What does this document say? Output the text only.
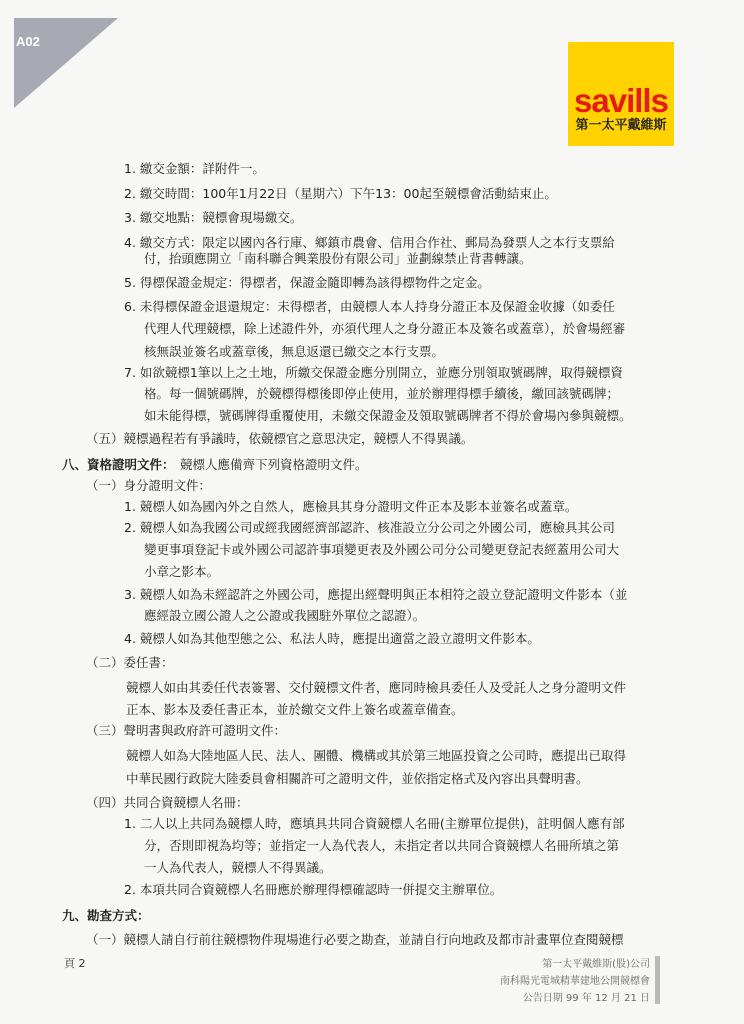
A02
savills
第一太平戴維斯
1. 繳交金額：詳附件一。
2. 繳交時間：100年1月22日（星期六）下午13：00起至競標會活動結束止。
3. 繳交地點：競標會現場繳交。
4. 繳交方式：限定以國內各行庫、鄉鎮市農會、信用合作社、郵局為發票人之本行支票給
付，抬頭應開立「南科聯合興業股份有限公司」並劃線禁止背書轉讓。
5. 得標保證金規定：得標者，保證金隨即轉為該得標物件之定金。
6. 未得標保證金退還規定：未得標者，由競標人本人持身分證正本及保證金收據（如委任
代理人代理競標，除上述證件外，亦須代理人之身分證正本及簽名或蓋章），於會場經審
核無誤並簽名或蓋章後，無息返還已繳交之本行支票。
7. 如欲競標1筆以上之土地，所繳交保證金應分別開立，並應分別領取號碼牌，取得競標資
格。每一個號碼牌，於競標得標後即停止使用，並於辦理得標手續後，繳回該號碼牌；
如未能得標，號碼牌得重覆使用，未繳交保證金及領取號碼牌者不得於會場內參與競標。
（五）競標過程若有爭議時，依競標官之意思決定，競標人不得異議。
八、資格證明文件： 競標人應備齊下列資格證明文件。
（一）身分證明文件：
1. 競標人如為國內外之自然人，應檢具其身分證明文件正本及影本並簽名或蓋章。
2. 競標人如為我國公司或經我國經濟部認許、核准設立分公司之外國公司，應檢具其公司
變更事項登記卡或外國公司認許事項變更表及外國公司分公司變更登記表經蓋用公司大
小章之影本。
3. 競標人如為未經認許之外國公司，應提出經聲明與正本相符之設立登記證明文件影本（並
應經設立國公證人之公證或我國駐外單位之認證）。
4. 競標人如為其他型態之公、私法人時，應提出適當之設立證明文件影本。
（二）委任書：
競標人如由其委任代表簽署、交付競標文件者，應同時檢具委任人及受託人之身分證明文件
正本、影本及委任書正本，並於繳交文件上簽名或蓋章備查。
（三）聲明書與政府許可證明文件：
競標人如為大陸地區人民、法人、團體、機構或其於第三地區投資之公司時，應提出已取得
中華民國行政院大陸委員會相關許可之證明文件，並依指定格式及內容出具聲明書。
（四）共同合資競標人名冊：
1. 二人以上共同為競標人時，應填具共同合資競標人名冊(主辦單位提供)，註明個人應有部
分，否則即視為均等；並指定一人為代表人，未指定者以共同合資競標人名冊所填之第
一人為代表人，競標人不得異議。
2. 本項共同合資競標人名冊應於辦理得標確認時一併提交主辦單位。
九、勘查方式：
（一）競標人請自行前往競標物件現場進行必要之勘查，並請自行向地政及都市計畫單位查閱競標
頁 2	第一太平戴維斯(股)公司
南科陽光電城精華建地公開競標會
公告日期 99 年 12 月 21 日
